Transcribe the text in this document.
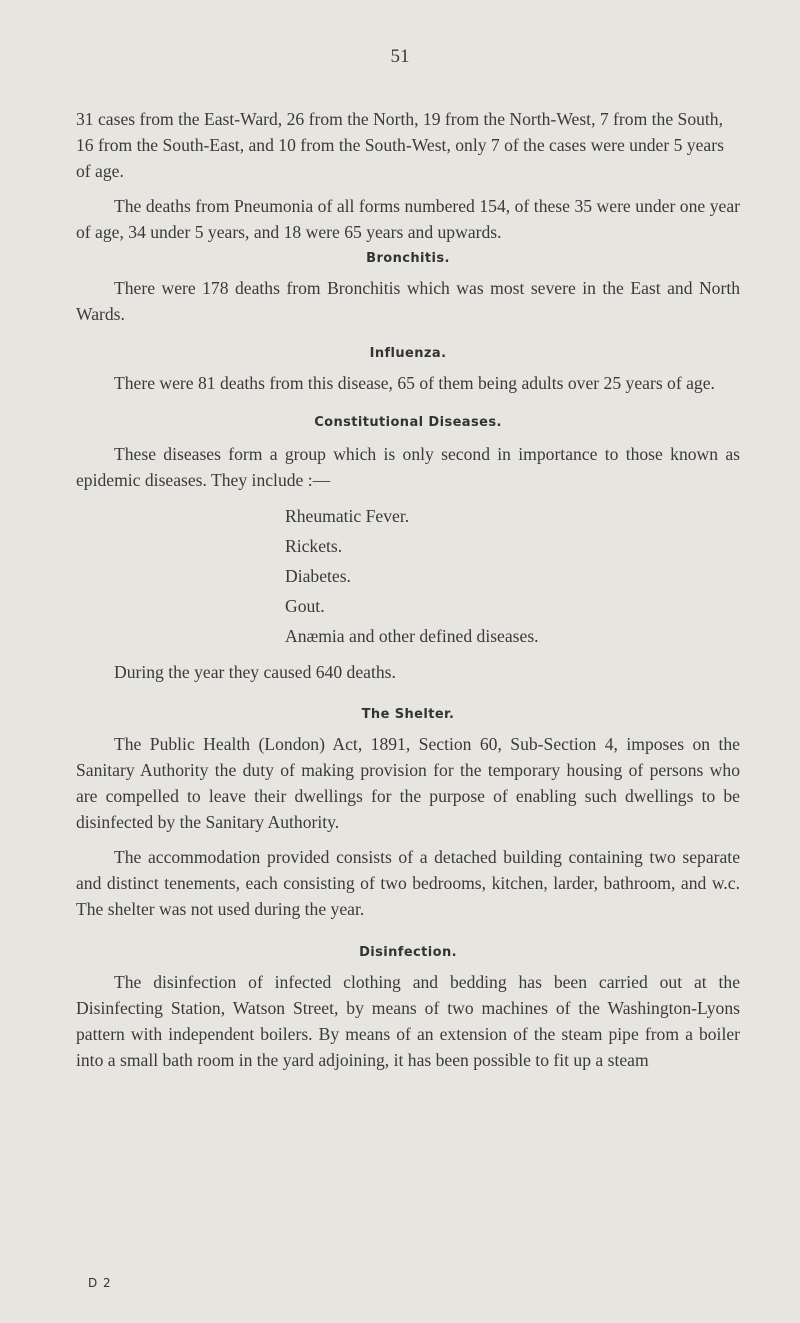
51

31 cases from the East-Ward, 26 from the North, 19 from the North-West, 7 from the South, 16 from the South-East, and 10 from the South-West, only 7 of the cases were under 5 years of age.

The deaths from Pneumonia of all forms numbered 154, of these 35 were under one year of age, 34 under 5 years, and 18 were 65 years and upwards.

Bronchitis.

There were 178 deaths from Bronchitis which was most severe in the East and North Wards.

Influenza.

There were 81 deaths from this disease, 65 of them being adults over 25 years of age.

Constitutional Diseases.

These diseases form a group which is only second in importance to those known as epidemic diseases. They include :—

Rheumatic Fever.
Rickets.
Diabetes.
Gout.
Anæmia and other defined diseases.

During the year they caused 640 deaths.

The Shelter.

The Public Health (London) Act, 1891, Section 60, Sub-Section 4, imposes on the Sanitary Authority the duty of making provision for the temporary housing of persons who are compelled to leave their dwellings for the purpose of enabling such dwellings to be disinfected by the Sanitary Authority.

The accommodation provided consists of a detached building containing two separate and distinct tenements, each consisting of two bedrooms, kitchen, larder, bathroom, and w.c. The shelter was not used during the year.

Disinfection.

The disinfection of infected clothing and bedding has been carried out at the Disinfecting Station, Watson Street, by means of two machines of the Washington-Lyons pattern with independent boilers. By means of an extension of the steam pipe from a boiler into a small bath room in the yard adjoining, it has been possible to fit up a steam

D 2
